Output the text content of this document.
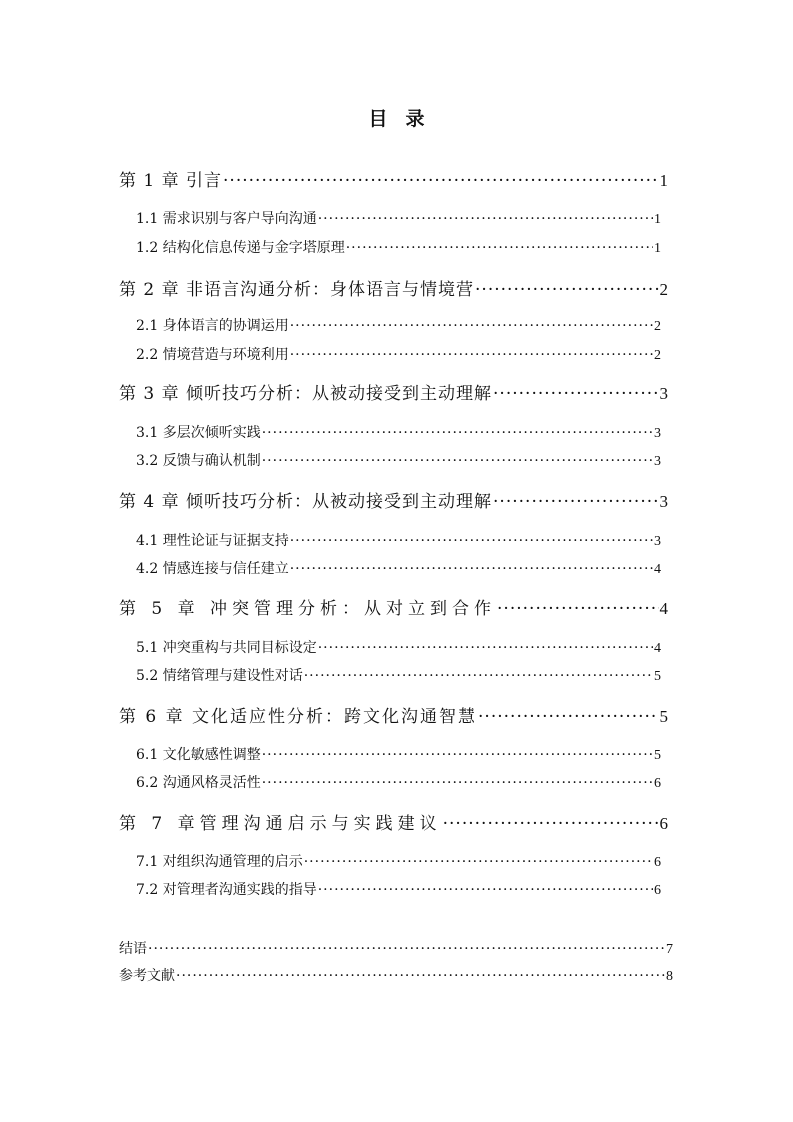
目录
第 1 章 引言 ·····	1
1.1 需求识别与客户导向沟通 ·····	1
1.2 结构化信息传递与金字塔原理 ·····	1
第 2 章 非语言沟通分析：身体语言与情境营 ·····	2
2.1 身体语言的协调运用 ·····	2
2.2 情境营造与环境利用 ·····	2
第 3 章 倾听技巧分析：从被动接受到主动理解 ·····	3
3.1 多层次倾听实践 ·····	3
3.2 反馈与确认机制 ·····	3
第 4 章 倾听技巧分析：从被动接受到主动理解 ·····	3
4.1 理性论证与证据支持 ·····	3
4.2 情感连接与信任建立 ·····	4
第 5 章 冲突管理分析：从对立到合作 ·····	4
5.1 冲突重构与共同目标设定 ·····	4
5.2 情绪管理与建设性对话 ·····	5
第 6 章 文化适应性分析：跨文化沟通智慧 ·····	5
6.1 文化敏感性调整 ·····	5
6.2 沟通风格灵活性 ·····	6
第 7 章管理沟通启示与实践建议 ·····	6
7.1 对组织沟通管理的启示 ·····	6
7.2 对管理者沟通实践的指导 ·····	6
结语 ·····	7
参考文献 ·····	8
